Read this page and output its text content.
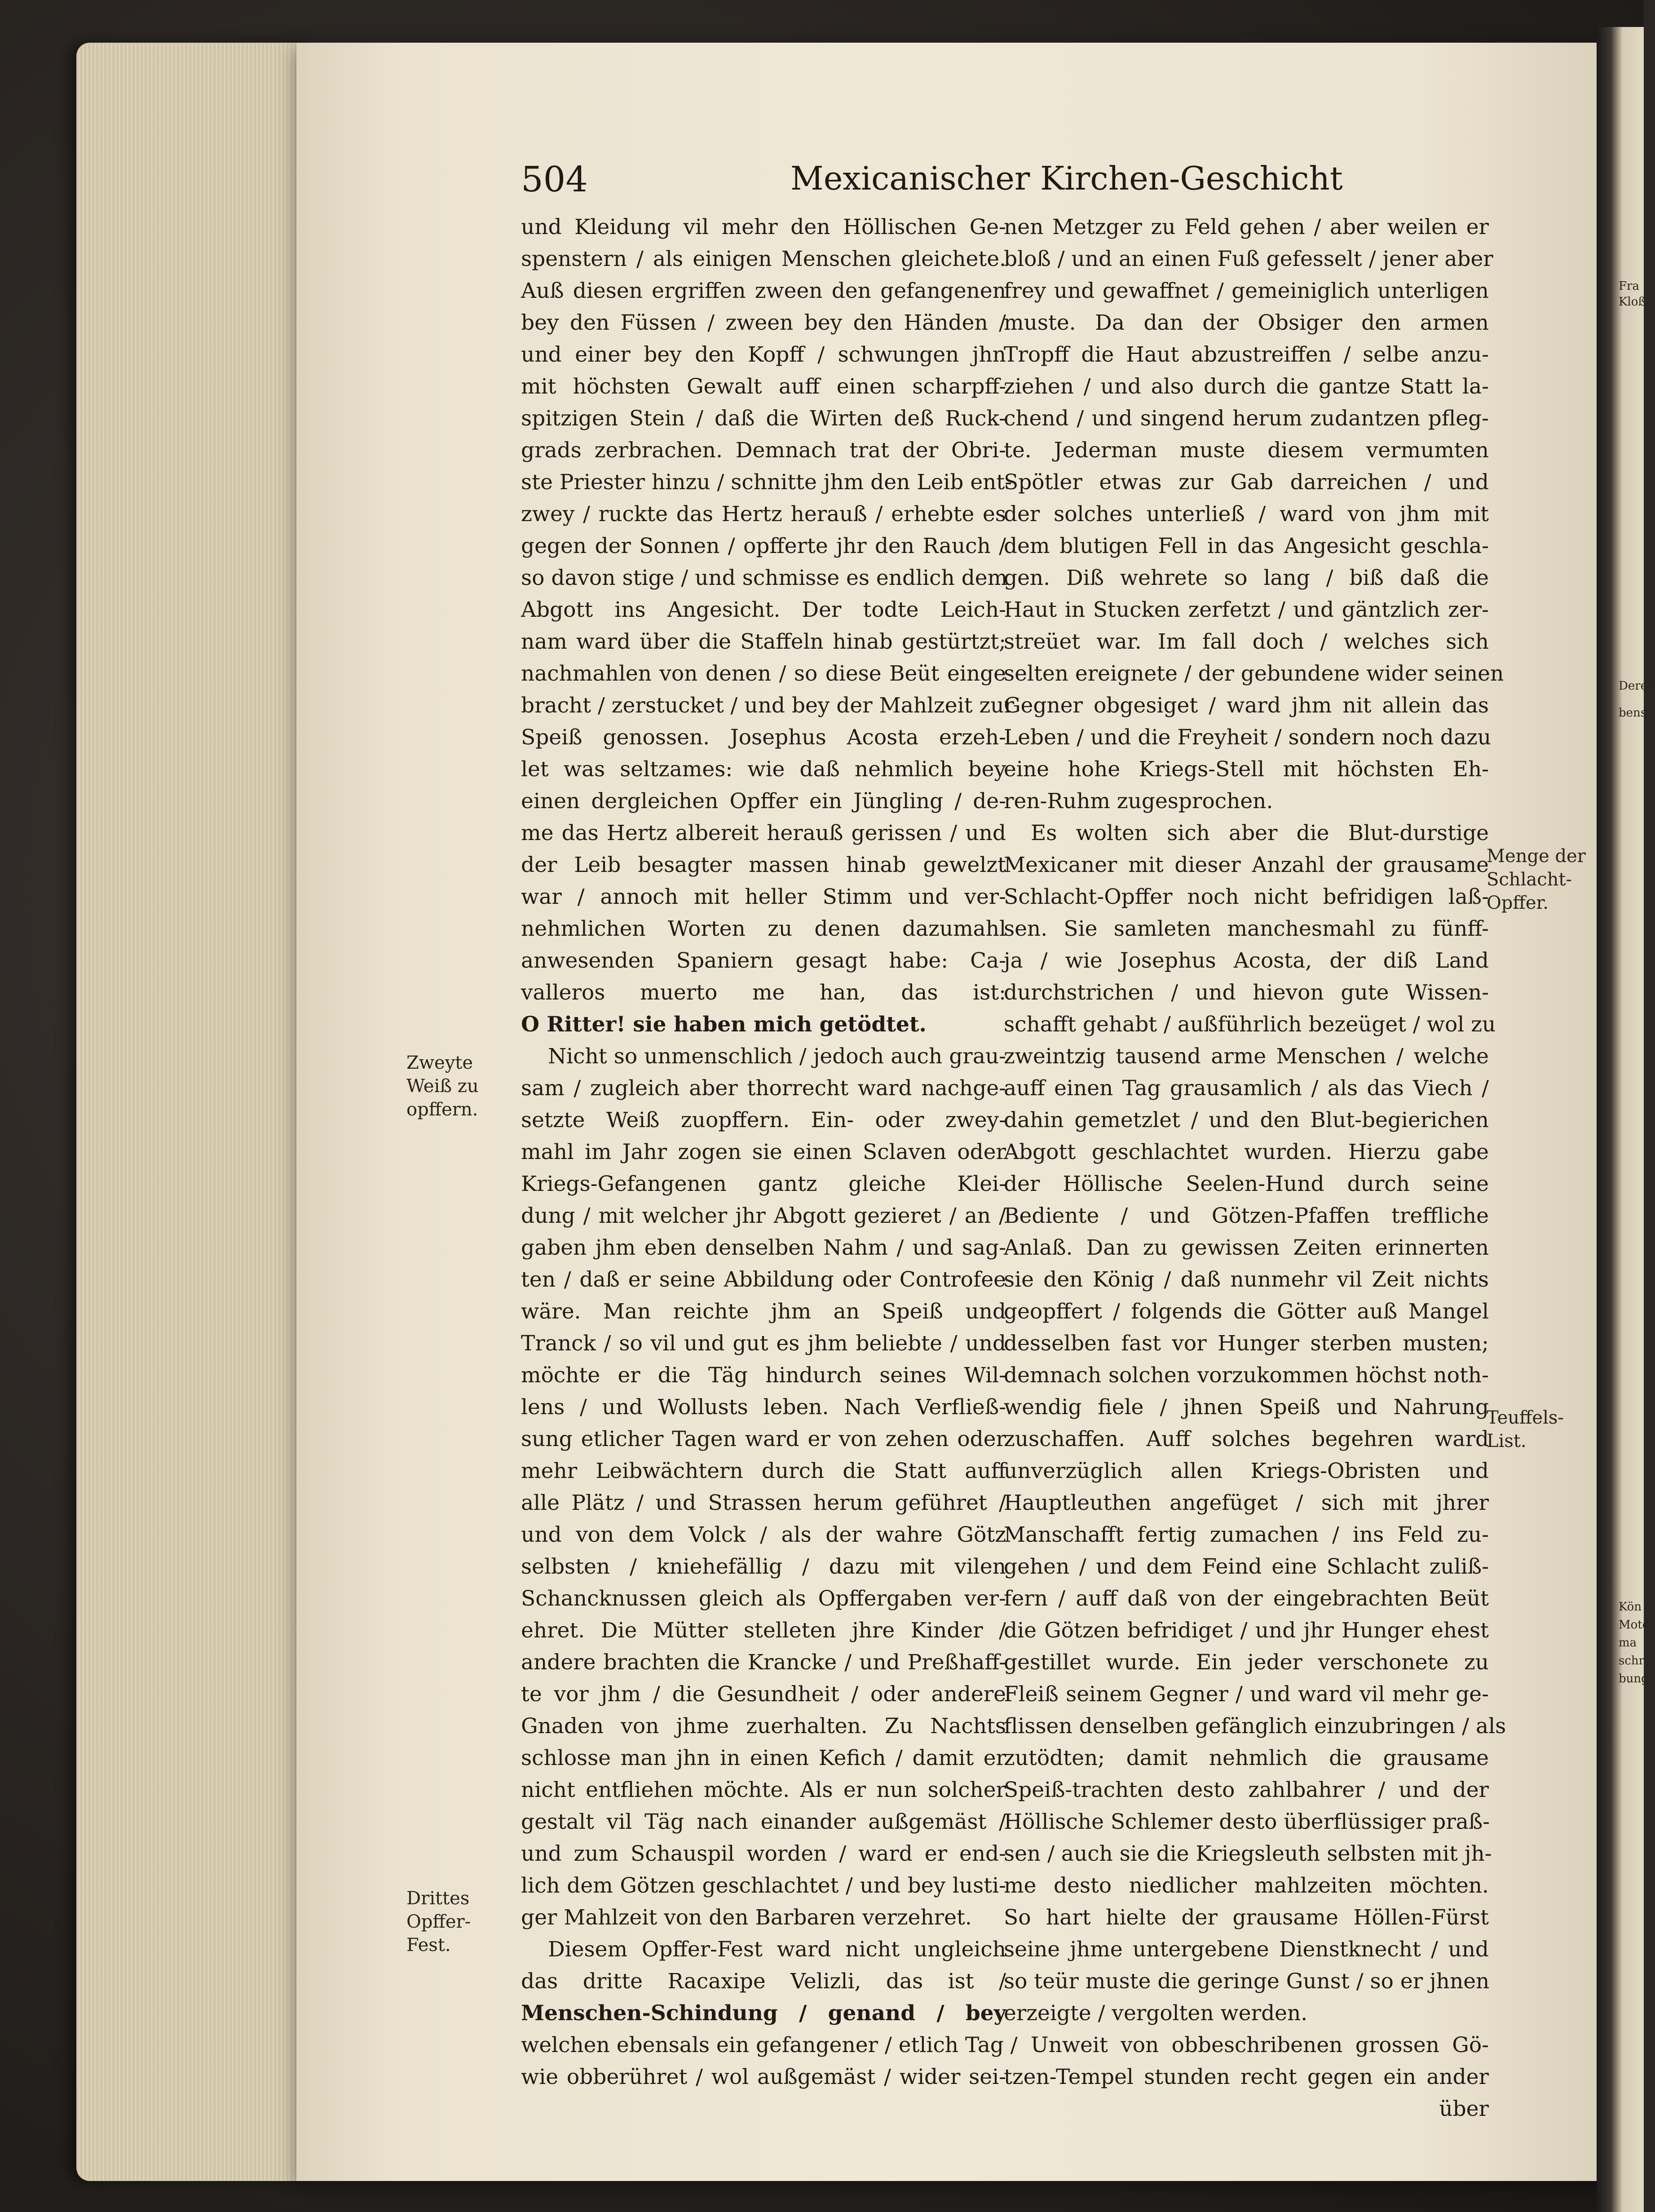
Fra
Kloß
Deren
bens.
Kön
Mote
ma
schre
bung
504	Mexicanischer Kirchen-Geschicht
und Kleidung vil mehr den Höllischen Ge-
spenstern / als einigen Menschen gleichete.
Auß diesen ergriffen zween den gefangenen
bey den Füssen / zween bey den Händen /
und einer bey den Kopff / schwungen jhn
mit höchsten Gewalt auff einen scharpff-
spitzigen Stein / daß die Wirten deß Ruck-
grads zerbrachen. Demnach trat der Obri-
ste Priester hinzu / schnitte jhm den Leib ent-
zwey / ruckte das Hertz herauß / erhebte es
gegen der Sonnen / opfferte jhr den Rauch /
so davon stige / und schmisse es endlich dem
Abgott ins Angesicht. Der todte Leich-
nam ward über die Staffeln hinab gestürtzt;
nachmahlen von denen / so diese Beüt einge
bracht / zerstucket / und bey der Mahlzeit zur
Speiß genossen. Josephus Acosta erzeh-
let was seltzames: wie daß nehmlich bey
einen dergleichen Opffer ein Jüngling / de-
me das Hertz albereit herauß gerissen / und
der Leib besagter massen hinab gewelzt
war / annoch mit heller Stimm und ver-
nehmlichen Worten zu denen dazumahl
anwesenden Spaniern gesagt habe: Ca-
valleros muerto me han, das ist:
O Ritter! sie haben mich getödtet.
Nicht so unmenschlich / jedoch auch grau-
sam / zugleich aber thorrecht ward nachge-
setzte Weiß zuopffern. Ein- oder zwey-
mahl im Jahr zogen sie einen Sclaven oder
Kriegs-Gefangenen gantz gleiche Klei-
dung / mit welcher jhr Abgott gezieret / an /
gaben jhm eben denselben Nahm / und sag-
ten / daß er seine Abbildung oder Controfee
wäre. Man reichte jhm an Speiß und
Tranck / so vil und gut es jhm beliebte / und
möchte er die Täg hindurch seines Wil-
lens / und Wollusts leben. Nach Verfließ-
sung etlicher Tagen ward er von zehen oder
mehr Leibwächtern durch die Statt auff
alle Plätz / und Strassen herum geführet /
und von dem Volck / als der wahre Götz
selbsten / kniehefällig / dazu mit vilen
Schancknussen gleich als Opffergaben ver-
ehret. Die Mütter stelleten jhre Kinder /
andere brachten die Krancke / und Preßhaff-
te vor jhm / die Gesundheit / oder andere
Gnaden von jhme zuerhalten. Zu Nachts
schlosse man jhn in einen Kefich / damit er
nicht entfliehen möchte. Als er nun solcher
gestalt vil Täg nach einander außgemäst /
und zum Schauspil worden / ward er end-
lich dem Götzen geschlachtet / und bey lusti-
ger Mahlzeit von den Barbaren verzehret.
Diesem Opffer-Fest ward nicht ungleich
das dritte Racaxipe Velizli, das ist /
Menschen-Schindung / genand / bey
welchen ebensals ein gefangener / etlich Tag /
wie obberühret / wol außgemäst / wider sei-
nen Metzger zu Feld gehen / aber weilen er
bloß / und an einen Fuß gefesselt / jener aber
frey und gewaffnet / gemeiniglich unterligen
muste. Da dan der Obsiger den armen
Tropff die Haut abzustreiffen / selbe anzu-
ziehen / und also durch die gantze Statt la-
chend / und singend herum zudantzen pfleg-
te. Jederman muste diesem vermumten
Spötler etwas zur Gab darreichen / und
der solches unterließ / ward von jhm mit
dem blutigen Fell in das Angesicht geschla-
gen. Diß wehrete so lang / biß daß die
Haut in Stucken zerfetzt / und gäntzlich zer-
streüet war. Im fall doch / welches sich
selten ereignete / der gebundene wider seinen
Gegner obgesiget / ward jhm nit allein das
Leben / und die Freyheit / sondern noch dazu
eine hohe Kriegs-Stell mit höchsten Eh-
ren-Ruhm zugesprochen.
Es wolten sich aber die Blut-durstige
Mexicaner mit dieser Anzahl der grausame
Schlacht-Opffer noch nicht befridigen laß-
sen. Sie samleten manchesmahl zu fünff-
ja / wie Josephus Acosta, der diß Land
durchstrichen / und hievon gute Wissen-
schafft gehabt / außführlich bezeüget / wol zu
zweintzig tausend arme Menschen / welche
auff einen Tag grausamlich / als das Viech /
dahin gemetzlet / und den Blut-begierichen
Abgott geschlachtet wurden. Hierzu gabe
der Höllische Seelen-Hund durch seine
Bediente / und Götzen-Pfaffen treffliche
Anlaß. Dan zu gewissen Zeiten erinnerten
sie den König / daß nunmehr vil Zeit nichts
geopffert / folgends die Götter auß Mangel
desselben fast vor Hunger sterben musten;
demnach solchen vorzukommen höchst noth-
wendig fiele / jhnen Speiß und Nahrung
zuschaffen. Auff solches begehren ward
unverzüglich allen Kriegs-Obristen und
Hauptleuthen angefüget / sich mit jhrer
Manschafft fertig zumachen / ins Feld zu-
gehen / und dem Feind eine Schlacht zuliß-
fern / auff daß von der eingebrachten Beüt
die Götzen befridiget / und jhr Hunger ehest
gestillet wurde. Ein jeder verschonete zu
Fleiß seinem Gegner / und ward vil mehr ge-
flissen denselben gefänglich einzubringen / als
zutödten; damit nehmlich die grausame
Speiß-trachten desto zahlbahrer / und der
Höllische Schlemer desto überflüssiger praß-
sen / auch sie die Kriegsleuth selbsten mit jh-
me desto niedlicher mahlzeiten möchten.
So hart hielte der grausame Höllen-Fürst
seine jhme untergebene Dienstknecht / und
so teür muste die geringe Gunst / so er jhnen
erzeigte / vergolten werden.
Unweit von obbeschribenen grossen Gö-
tzen-Tempel stunden recht gegen ein ander
über
Zweyte
Weiß zu
opffern.
Drittes
Opffer-
Fest.
Menge der
Schlacht-
Opffer.
Teuffels-
List.
